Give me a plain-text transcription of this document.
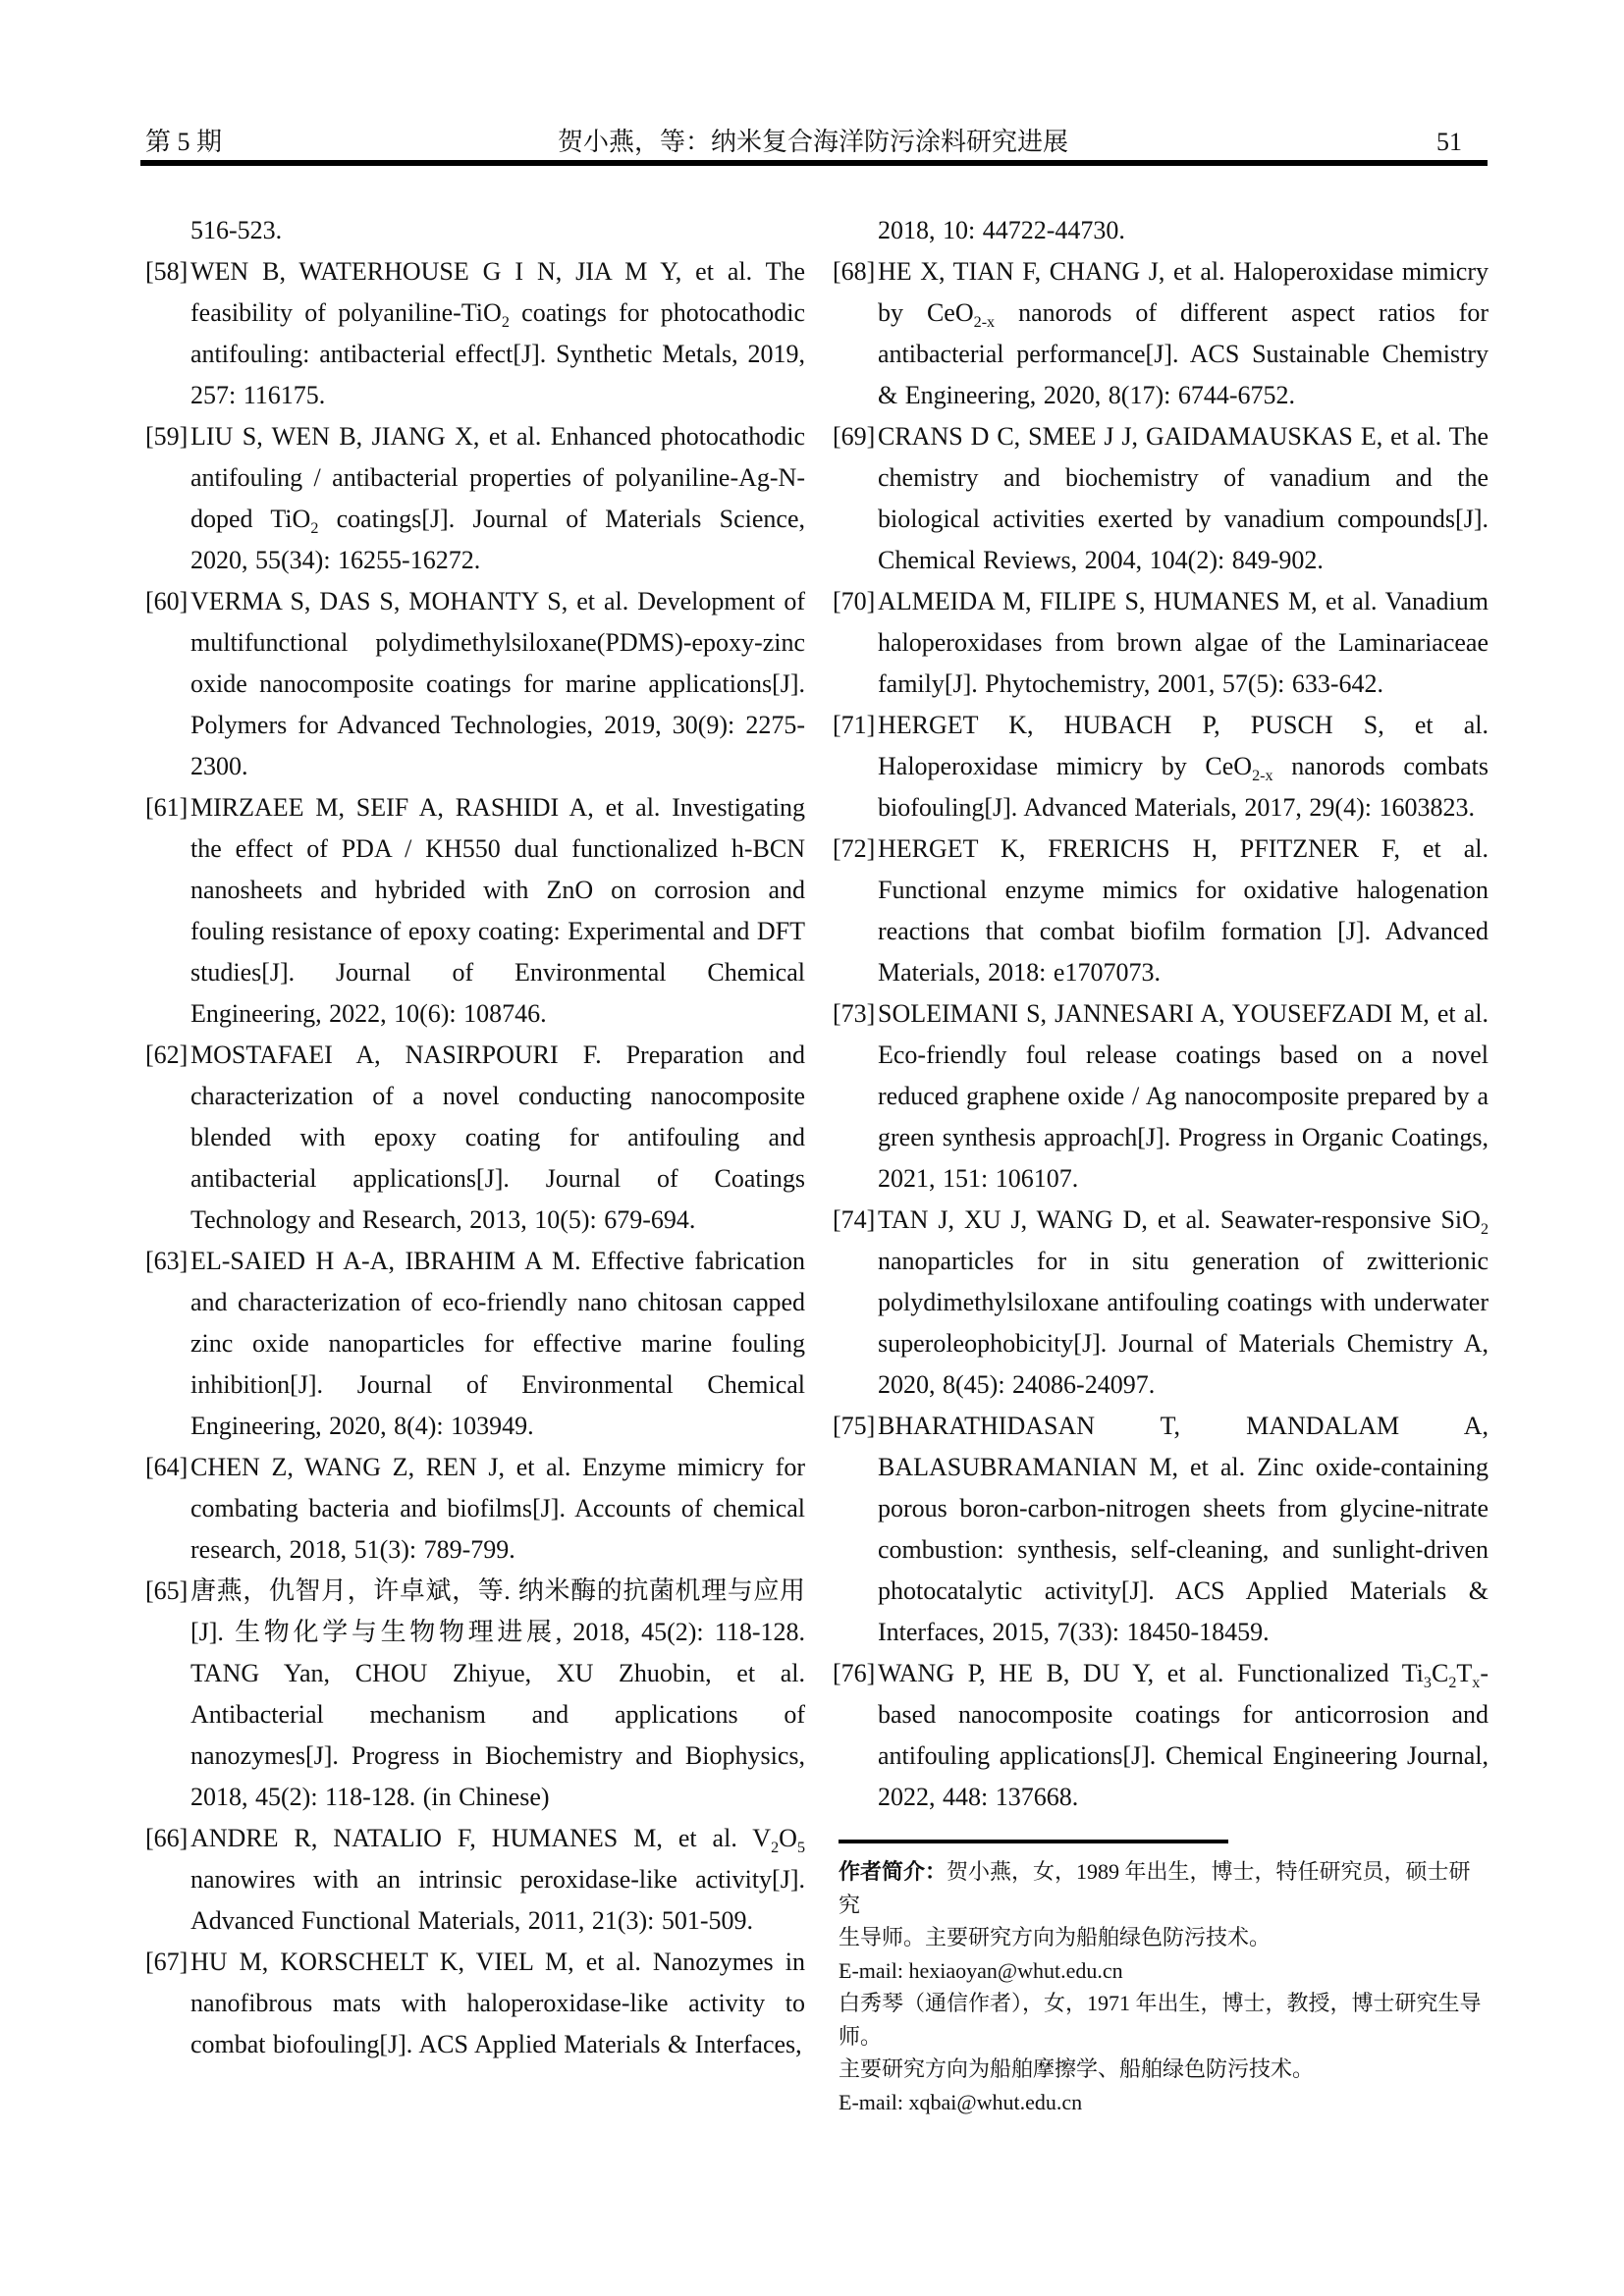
第 5 期	贺小燕，等：纳米复合海洋防污涂料研究进展	51
516-523.
[58] WEN B, WATERHOUSE G I N, JIA M Y, et al. The feasibility of polyaniline-TiO$_2$ coatings for photocathodic antifouling: antibacterial effect[J]. Synthetic Metals, 2019, 257: 116175.
[59] LIU S, WEN B, JIANG X, et al. Enhanced photocathodic antifouling / antibacterial properties of polyaniline-Ag-N-doped TiO$_2$ coatings[J]. Journal of Materials Science, 2020, 55(34): 16255-16272.
[60] VERMA S, DAS S, MOHANTY S, et al. Development of multifunctional polydimethylsiloxane(PDMS)-epoxy-zinc oxide nanocomposite coatings for marine applications[J]. Polymers for Advanced Technologies, 2019, 30(9): 2275-2300.
[61] MIRZAEE M, SEIF A, RASHIDI A, et al. Investigating the effect of PDA / KH550 dual functionalized h-BCN nanosheets and hybrided with ZnO on corrosion and fouling resistance of epoxy coating: Experimental and DFT studies[J]. Journal of Environmental Chemical Engineering, 2022, 10(6): 108746.
[62] MOSTAFAEI A, NASIRPOURI F. Preparation and characterization of a novel conducting nanocomposite blended with epoxy coating for antifouling and antibacterial applications[J]. Journal of Coatings Technology and Research, 2013, 10(5): 679-694.
[63] EL-SAIED H A-A, IBRAHIM A M. Effective fabrication and characterization of eco-friendly nano chitosan capped zinc oxide nanoparticles for effective marine fouling inhibition[J]. Journal of Environmental Chemical Engineering, 2020, 8(4): 103949.
[64] CHEN Z, WANG Z, REN J, et al. Enzyme mimicry for combating bacteria and biofilms[J]. Accounts of chemical research, 2018, 51(3): 789-799.
[65] 唐燕，仇智月，许卓斌，等. 纳米酶的抗菌机理与应用[J]. 生物化学与生物物理进展, 2018, 45(2): 118-128. TANG Yan, CHOU Zhiyue, XU Zhuobin, et al. Antibacterial mechanism and applications of nanozymes[J]. Progress in Biochemistry and Biophysics, 2018, 45(2): 118-128. (in Chinese)
[66] ANDRE R, NATALIO F, HUMANES M, et al. $V_2O_5$ nanowires with an intrinsic peroxidase-like activity[J]. Advanced Functional Materials, 2011, 21(3): 501-509.
[67] HU M, KORSCHELT K, VIEL M, et al. Nanozymes in nanofibrous mats with haloperoxidase-like activity to combat biofouling[J]. ACS Applied Materials & Interfaces,
2018, 10: 44722-44730.
[68] HE X, TIAN F, CHANG J, et al. Haloperoxidase mimicry by CeO$_{2-x}$ nanorods of different aspect ratios for antibacterial performance[J]. ACS Sustainable Chemistry & Engineering, 2020, 8(17): 6744-6752.
[69] CRANS D C, SMEE J J, GAIDAMAUSKAS E, et al. The chemistry and biochemistry of vanadium and the biological activities exerted by vanadium compounds[J]. Chemical Reviews, 2004, 104(2): 849-902.
[70] ALMEIDA M, FILIPE S, HUMANES M, et al. Vanadium haloperoxidases from brown algae of the Laminariaceae family[J]. Phytochemistry, 2001, 57(5): 633-642.
[71] HERGET K, HUBACH P, PUSCH S, et al. Haloperoxidase mimicry by CeO$_{2-x}$ nanorods combats biofouling[J]. Advanced Materials, 2017, 29(4): 1603823.
[72] HERGET K, FRERICHS H, PFITZNER F, et al. Functional enzyme mimics for oxidative halogenation reactions that combat biofilm formation [J]. Advanced Materials, 2018: e1707073.
[73] SOLEIMANI S, JANNESARI A, YOUSEFZADI M, et al. Eco-friendly foul release coatings based on a novel reduced graphene oxide / Ag nanocomposite prepared by a green synthesis approach[J]. Progress in Organic Coatings, 2021, 151: 106107.
[74] TAN J, XU J, WANG D, et al. Seawater-responsive SiO$_2$ nanoparticles for in situ generation of zwitterionic polydimethylsiloxane antifouling coatings with underwater superoleophobicity[J]. Journal of Materials Chemistry A, 2020, 8(45): 24086-24097.
[75] BHARATHIDASAN T, MANDALAM A, BALASUBRAMANIAN M, et al. Zinc oxide-containing porous boron-carbon-nitrogen sheets from glycine-nitrate combustion: synthesis, self-cleaning, and sunlight-driven photocatalytic activity[J]. ACS Applied Materials & Interfaces, 2015, 7(33): 18450-18459.
[76] WANG P, HE B, DU Y, et al. Functionalized $Ti_3C_2T_x$-based nanocomposite coatings for anticorrosion and antifouling applications[J]. Chemical Engineering Journal, 2022, 448: 137668.

作者简介：贺小燕，女，1989 年出生，博士，特任研究员，硕士研究

生导师。主要研究方向为船舶绿色防污技术。

E-mail: hexiaoyan@whut.edu.cn

白秀琴（通信作者），女，1971 年出生，博士，教授，博士研究生导师。

主要研究方向为船舶摩擦学、船舶绿色防污技术。

E-mail: xqbai@whut.edu.cn
